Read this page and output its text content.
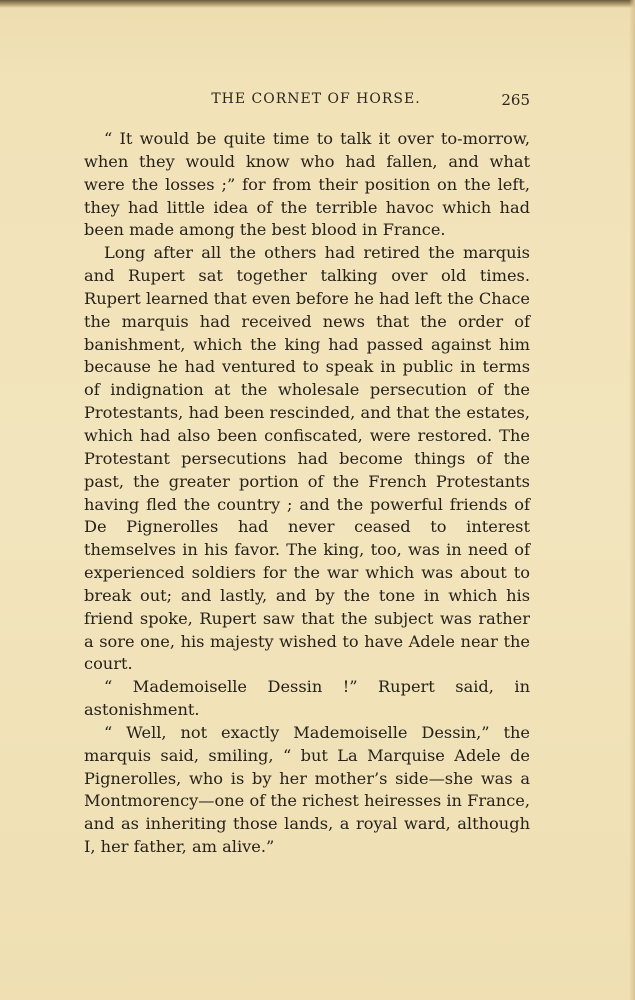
THE CORNET OF HORSE.	265

“ It would be quite time to talk it over to-morrow, when they would know who had fallen, and what were the losses ;” for from their position on the left, they had little idea of the terrible havoc which had been made among the best blood in France.

Long after all the others had retired the marquis and Rupert sat together talking over old times. Rupert learned that even before he had left the Chace the marquis had received news that the order of banishment, which the king had passed against him because he had ventured to speak in public in terms of indignation at the wholesale persecution of the Protestants, had been rescinded, and that the estates, which had also been confiscated, were restored. The Protestant persecutions had become things of the past, the greater portion of the French Protestants having fled the country ; and the powerful friends of De Pignerolles had never ceased to interest themselves in his favor. The king, too, was in need of experienced soldiers for the war which was about to break out; and lastly, and by the tone in which his friend spoke, Rupert saw that the subject was rather a sore one, his majesty wished to have Adele near the court.

“ Mademoiselle Dessin !” Rupert said, in astonishment.

“ Well, not exactly Mademoiselle Dessin,” the marquis said, smiling, “ but La Marquise Adele de Pignerolles, who is by her mother’s side—she was a Montmorency—one of the richest heiresses in France, and as inheriting those lands, a royal ward, although I, her father, am alive.”
